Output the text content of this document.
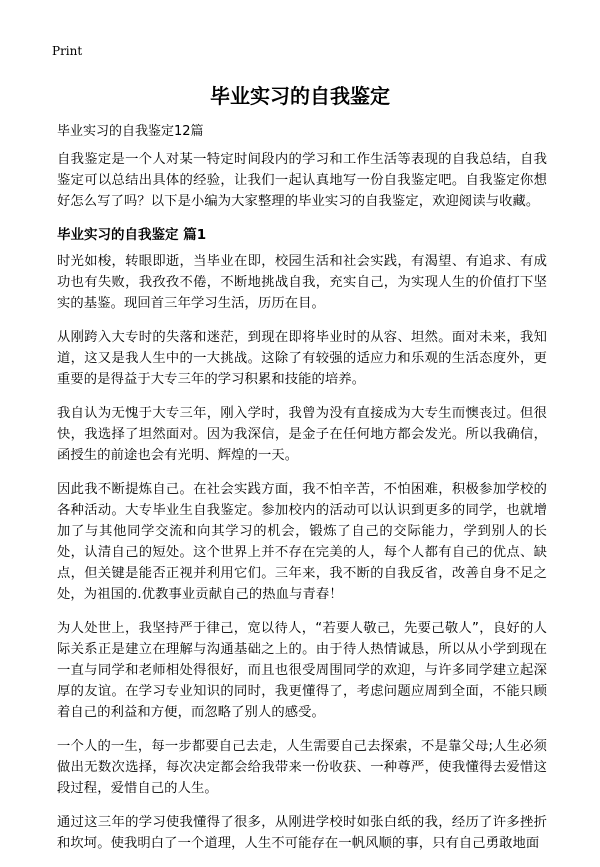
Print
毕业实习的自我鉴定

毕业实习的自我鉴定12篇

自我鉴定是一个人对某一特定时间段内的学习和工作生活等表现的自我总结，自我鉴定可以总结出具体的经验，让我们一起认真地写一份自我鉴定吧。自我鉴定你想好怎么写了吗？以下是小编为大家整理的毕业实习的自我鉴定，欢迎阅读与收藏。

毕业实习的自我鉴定 篇1

时光如梭，转眼即逝，当毕业在即，校园生活和社会实践，有渴望、有追求、有成功也有失败，我孜孜不倦，不断地挑战自我，充实自己，为实现人生的价值打下坚实的基鉴。现回首三年学习生活，历历在目。

从刚跨入大专时的失落和迷茫，到现在即将毕业时的从容、坦然。面对未来，我知道，这又是我人生中的一大挑战。这除了有较强的适应力和乐观的生活态度外，更重要的是得益于大专三年的学习积累和技能的培养。

我自认为无愧于大专三年，刚入学时，我曾为没有直接成为大专生而懊丧过。但很快，我选择了坦然面对。因为我深信，是金子在任何地方都会发光。所以我确信，函授生的前途也会有光明、辉煌的一天。

因此我不断提炼自己。在社会实践方面，我不怕辛苦，不怕困难，积极参加学校的各种活动。大专毕业生自我鉴定。参加校内的活动可以认识到更多的同学，也就增加了与其他同学交流和向其学习的机会，锻炼了自己的交际能力，学到别人的长处，认清自己的短处。这个世界上并不存在完美的人，每个人都有自己的优点、缺点，但关键是能否正视并利用它们。三年来，我不断的自我反省，改善自身不足之处，为祖国的.优教事业贡献自己的热血与青春！

为人处世上，我坚持严于律己，宽以待人，“若要人敬己，先要己敬人”，良好的人际关系正是建立在理解与沟通基础之上的。由于待人热情诚恳，所以从小学到现在一直与同学和老师相处得很好，而且也很受周围同学的欢迎，与许多同学建立起深厚的友谊。在学习专业知识的同时，我更懂得了，考虑问题应周到全面，不能只顾着自己的利益和方便，而忽略了别人的感受。

一个人的一生，每一步都要自己去走，人生需要自己去探索，不是靠父母;人生必须做出无数次选择，每次决定都会给我带来一份收获、一种尊严，使我懂得去爱惜这段过程，爱惜自己的人生。

通过这三年的学习使我懂得了很多，从刚进学校时如张白纸的我，经历了许多挫折和坎坷。使我明白了一个道理，人生不可能存在一帆风顺的事，只有自己勇敢地面
